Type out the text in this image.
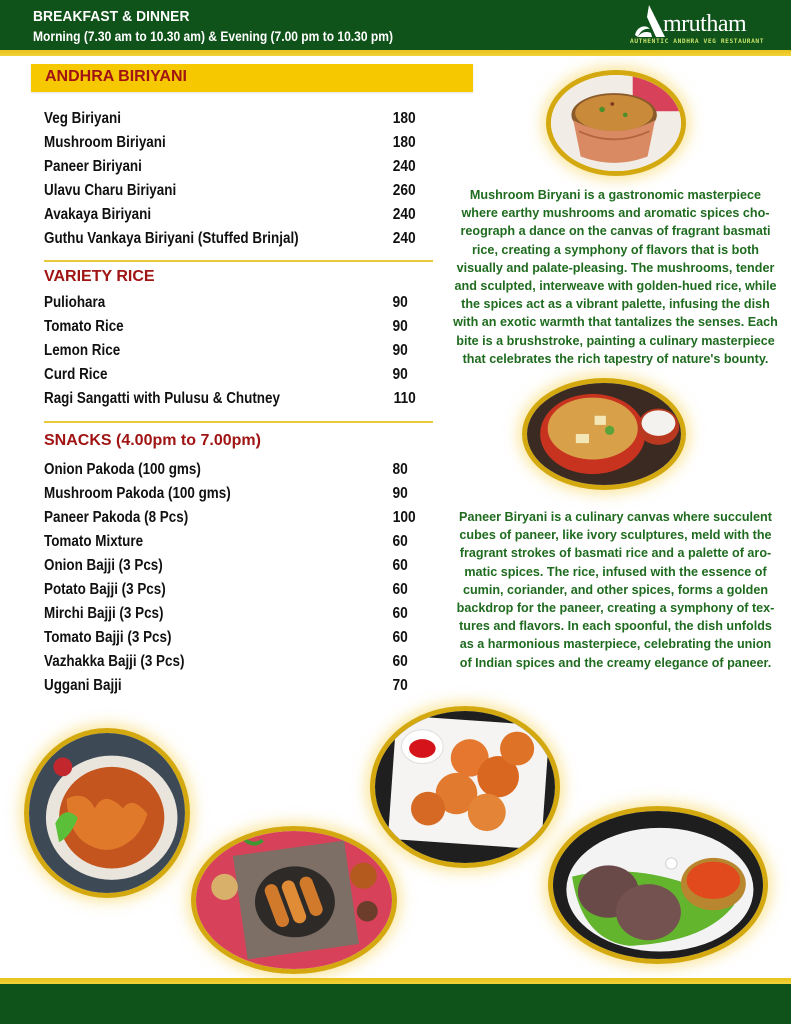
BREAKFAST & DINNER
Morning (7.30 am to 10.30 am) & Evening (7.00 pm to 10.30 pm)	mrutham
AUTHENTIC ANDHRA VEG RESTAURANT
ANDHRA BIRIYANI
Veg Biriyani	180
Mushroom Biriyani	180
Paneer Biriyani	240
Ulavu Charu Biriyani	260
Avakaya Biriyani	240
Guthu Vankaya Biriyani (Stuffed Brinjal)	240
VARIETY RICE
Puliohara	90
Tomato Rice	90
Lemon Rice	90
Curd Rice	90
Ragi Sangatti with Pulusu & Chutney	110
SNACKS (4.00pm to 7.00pm)
Onion Pakoda (100 gms)	80
Mushroom Pakoda (100 gms)	90
Paneer Pakoda (8 Pcs)	100
Tomato Mixture	60
Onion Bajji (3 Pcs)	60
Potato Bajji (3 Pcs)	60
Mirchi Bajji (3 Pcs)	60
Tomato Bajji (3 Pcs)	60
Vazhakka Bajji (3 Pcs)	60
Uggani Bajji	70
Mushroom Biryani is a gastronomic masterpiece
where earthy mushrooms and aromatic spices cho-
reograph a dance on the canvas of fragrant basmati
rice, creating a symphony of flavors that is both
visually and palate-pleasing. The mushrooms, tender
and sculpted, interweave with golden-hued rice, while
the spices act as a vibrant palette, infusing the dish
with an exotic warmth that tantalizes the senses. Each
bite is a brushstroke, painting a culinary masterpiece
that celebrates the rich tapestry of nature's bounty.
Paneer Biryani is a culinary canvas where succulent
cubes of paneer, like ivory sculptures, meld with the
fragrant strokes of basmati rice and a palette of aro-
matic spices. The rice, infused with the essence of
cumin, coriander, and other spices, forms a golden
backdrop for the paneer, creating a symphony of tex-
tures and flavors. In each spoonful, the dish unfolds
as a harmonious masterpiece, celebrating the union
of Indian spices and the creamy elegance of paneer.
